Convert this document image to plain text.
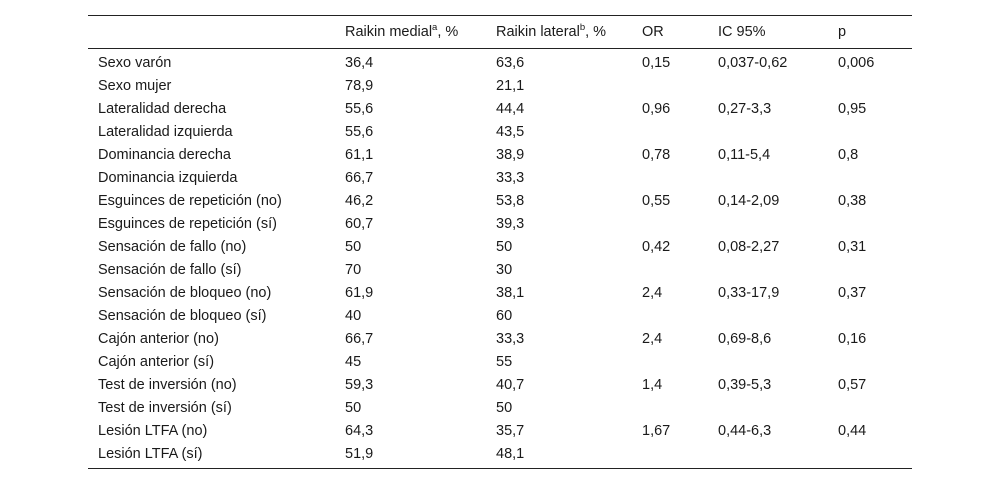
	Raikin medial$^a$, %	Raikin lateral$^b$, %	OR	IC 95%	p
Sexo varón	36,4	63,6	0,15	0,037-0,62	0,006
Sexo mujer	78,9	21,1			
Lateralidad derecha	55,6	44,4	0,96	0,27-3,3	0,95
Lateralidad izquierda	55,6	43,5			
Dominancia derecha	61,1	38,9	0,78	0,11-5,4	0,8
Dominancia izquierda	66,7	33,3			
Esguinces de repetición (no)	46,2	53,8	0,55	0,14-2,09	0,38
Esguinces de repetición (sí)	60,7	39,3			
Sensación de fallo (no)	50	50	0,42	0,08-2,27	0,31
Sensación de fallo (sí)	70	30			
Sensación de bloqueo (no)	61,9	38,1	2,4	0,33-17,9	0,37
Sensación de bloqueo (sí)	40	60			
Cajón anterior (no)	66,7	33,3	2,4	0,69-8,6	0,16
Cajón anterior (sí)	45	55			
Test de inversión (no)	59,3	40,7	1,4	0,39-5,3	0,57
Test de inversión (sí)	50	50			
Lesión LTFA (no)	64,3	35,7	1,67	0,44-6,3	0,44
Lesión LTFA (sí)	51,9	48,1			
